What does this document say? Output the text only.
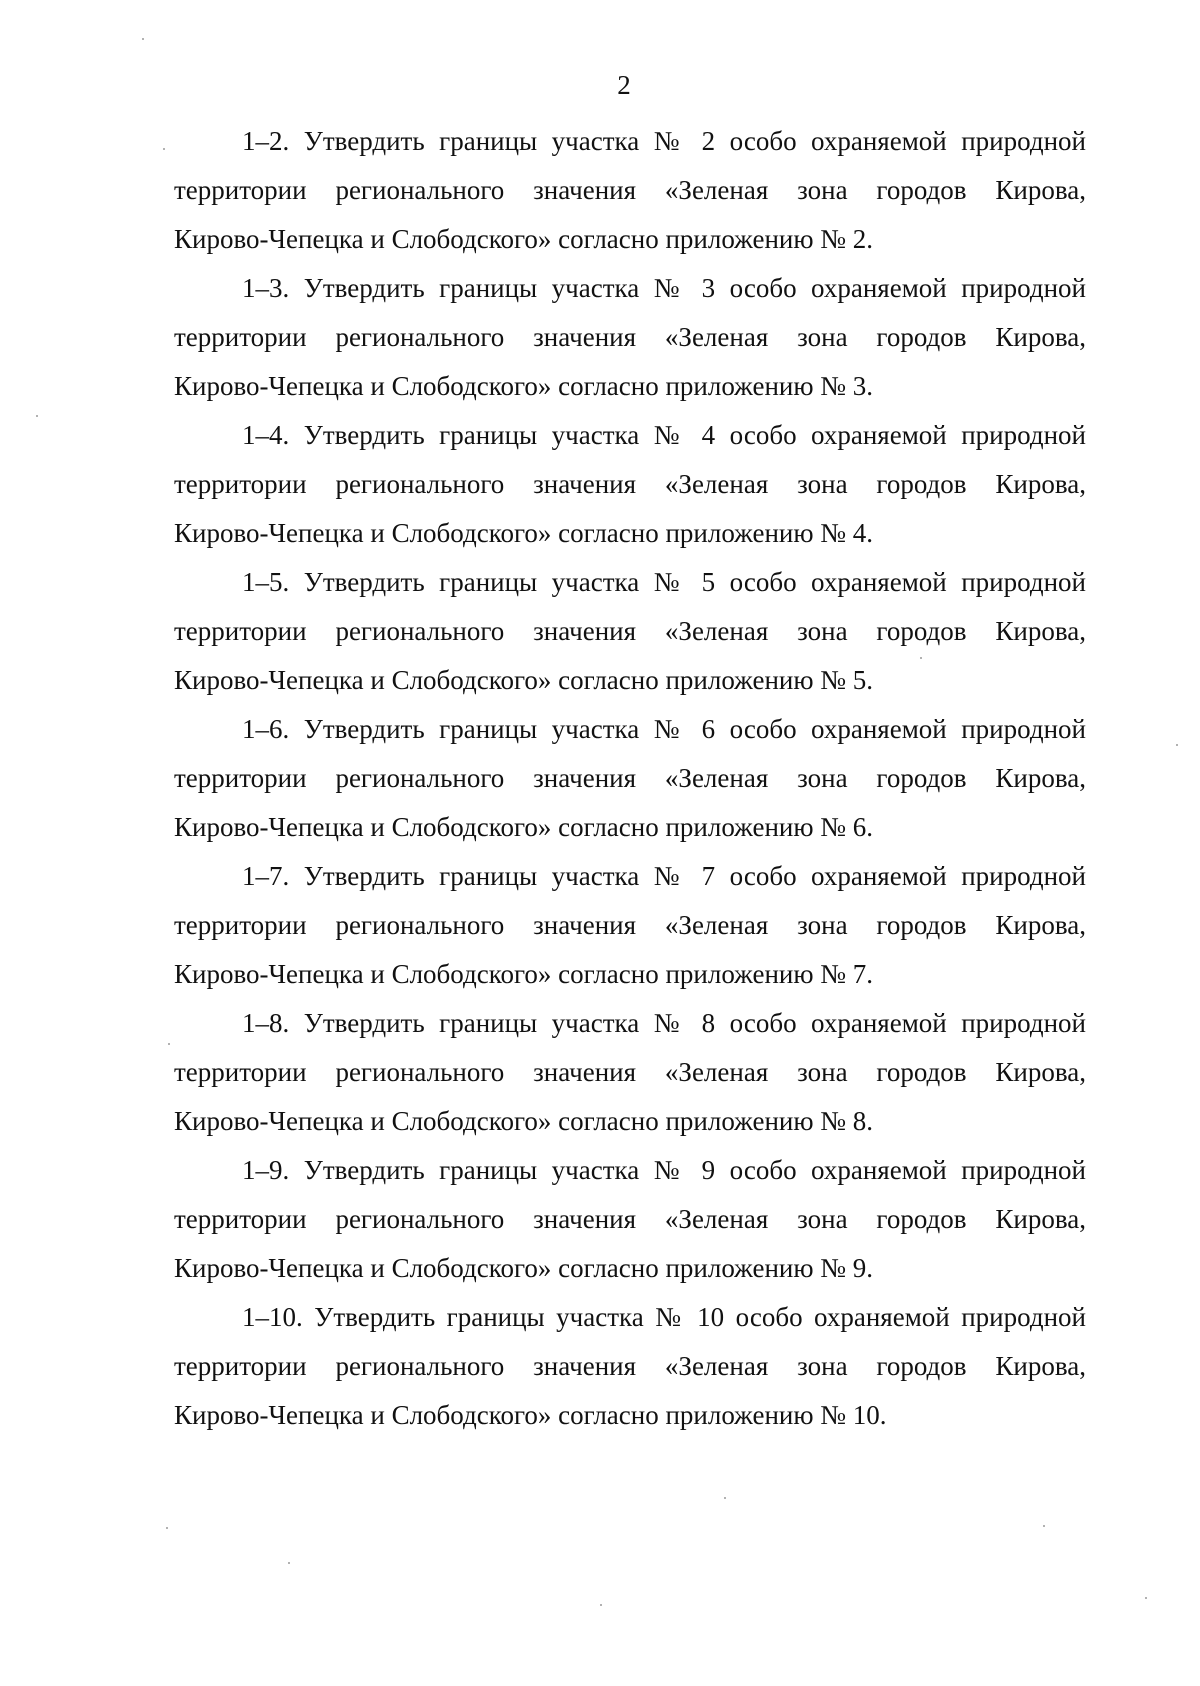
2
1–2. Утвердить границы участка № 2 особо охраняемой природной
территории регионального значения «Зеленая зона городов Кирова,
Кирово-Чепецка и Слободского» согласно приложению № 2.
1–3. Утвердить границы участка № 3 особо охраняемой природной
территории регионального значения «Зеленая зона городов Кирова,
Кирово-Чепецка и Слободского» согласно приложению № 3.
1–4. Утвердить границы участка № 4 особо охраняемой природной
территории регионального значения «Зеленая зона городов Кирова,
Кирово-Чепецка и Слободского» согласно приложению № 4.
1–5. Утвердить границы участка № 5 особо охраняемой природной
территории регионального значения «Зеленая зона городов Кирова,
Кирово-Чепецка и Слободского» согласно приложению № 5.
1–6. Утвердить границы участка № 6 особо охраняемой природной
территории регионального значения «Зеленая зона городов Кирова,
Кирово-Чепецка и Слободского» согласно приложению № 6.
1–7. Утвердить границы участка № 7 особо охраняемой природной
территории регионального значения «Зеленая зона городов Кирова,
Кирово-Чепецка и Слободского» согласно приложению № 7.
1–8. Утвердить границы участка № 8 особо охраняемой природной
территории регионального значения «Зеленая зона городов Кирова,
Кирово-Чепецка и Слободского» согласно приложению № 8.
1–9. Утвердить границы участка № 9 особо охраняемой природной
территории регионального значения «Зеленая зона городов Кирова,
Кирово-Чепецка и Слободского» согласно приложению № 9.
1–10. Утвердить границы участка № 10 особо охраняемой природной
территории регионального значения «Зеленая зона городов Кирова,
Кирово-Чепецка и Слободского» согласно приложению № 10.
